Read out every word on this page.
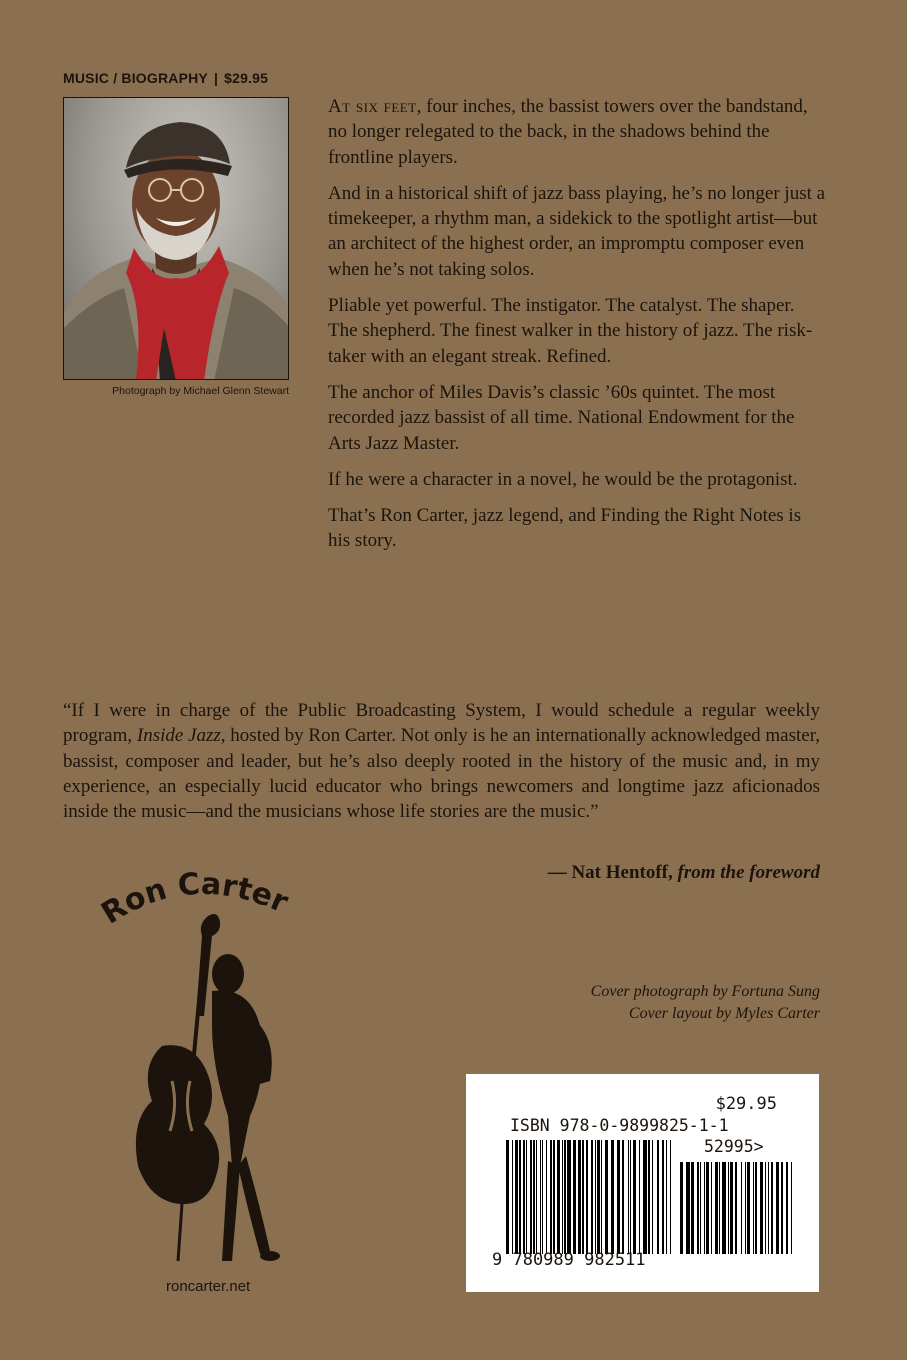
MUSIC / BIOGRAPHY | $29.95
Photograph by Michael Glenn Stewart

At six feet, four inches, the bassist towers over the bandstand, no longer relegated to the back, in the shadows behind the frontline players.

And in a historical shift of jazz bass playing, he’s no longer just a timekeeper, a rhythm man, a sidekick to the spotlight artist—but an architect of the highest order, an impromptu composer even when he’s not taking solos.

Pliable yet powerful. The instigator. The catalyst. The shaper. The shepherd. The finest walker in the history of jazz. The risk-taker with an elegant streak. Refined.

The anchor of Miles Davis’s classic ’60s quintet. The most recorded jazz bassist of all time. National Endowment for the Arts Jazz Master.

If he were a character in a novel, he would be the protagonist.

That’s Ron Carter, jazz legend, and Finding the Right Notes is his story.

“If I were in charge of the Public Broadcasting System, I would schedule a regular weekly program, Inside Jazz, hosted by Ron Carter. Not only is he an internationally acknowledged master, bassist, composer and leader, but he’s also deeply rooted in the history of the music and, in my experience, an especially lucid educator who brings newcomers and longtime jazz aficionados inside the music—and the musicians whose life stories are the music.”

— Nat Hentoff, from the foreword
on Carter
roncarter.net
Cover photograph by Fortuna Sung
Cover layout by Myles Carter
$29.95
ISBN 978-0-9899825-1-1
52995>
9 780989 982511
